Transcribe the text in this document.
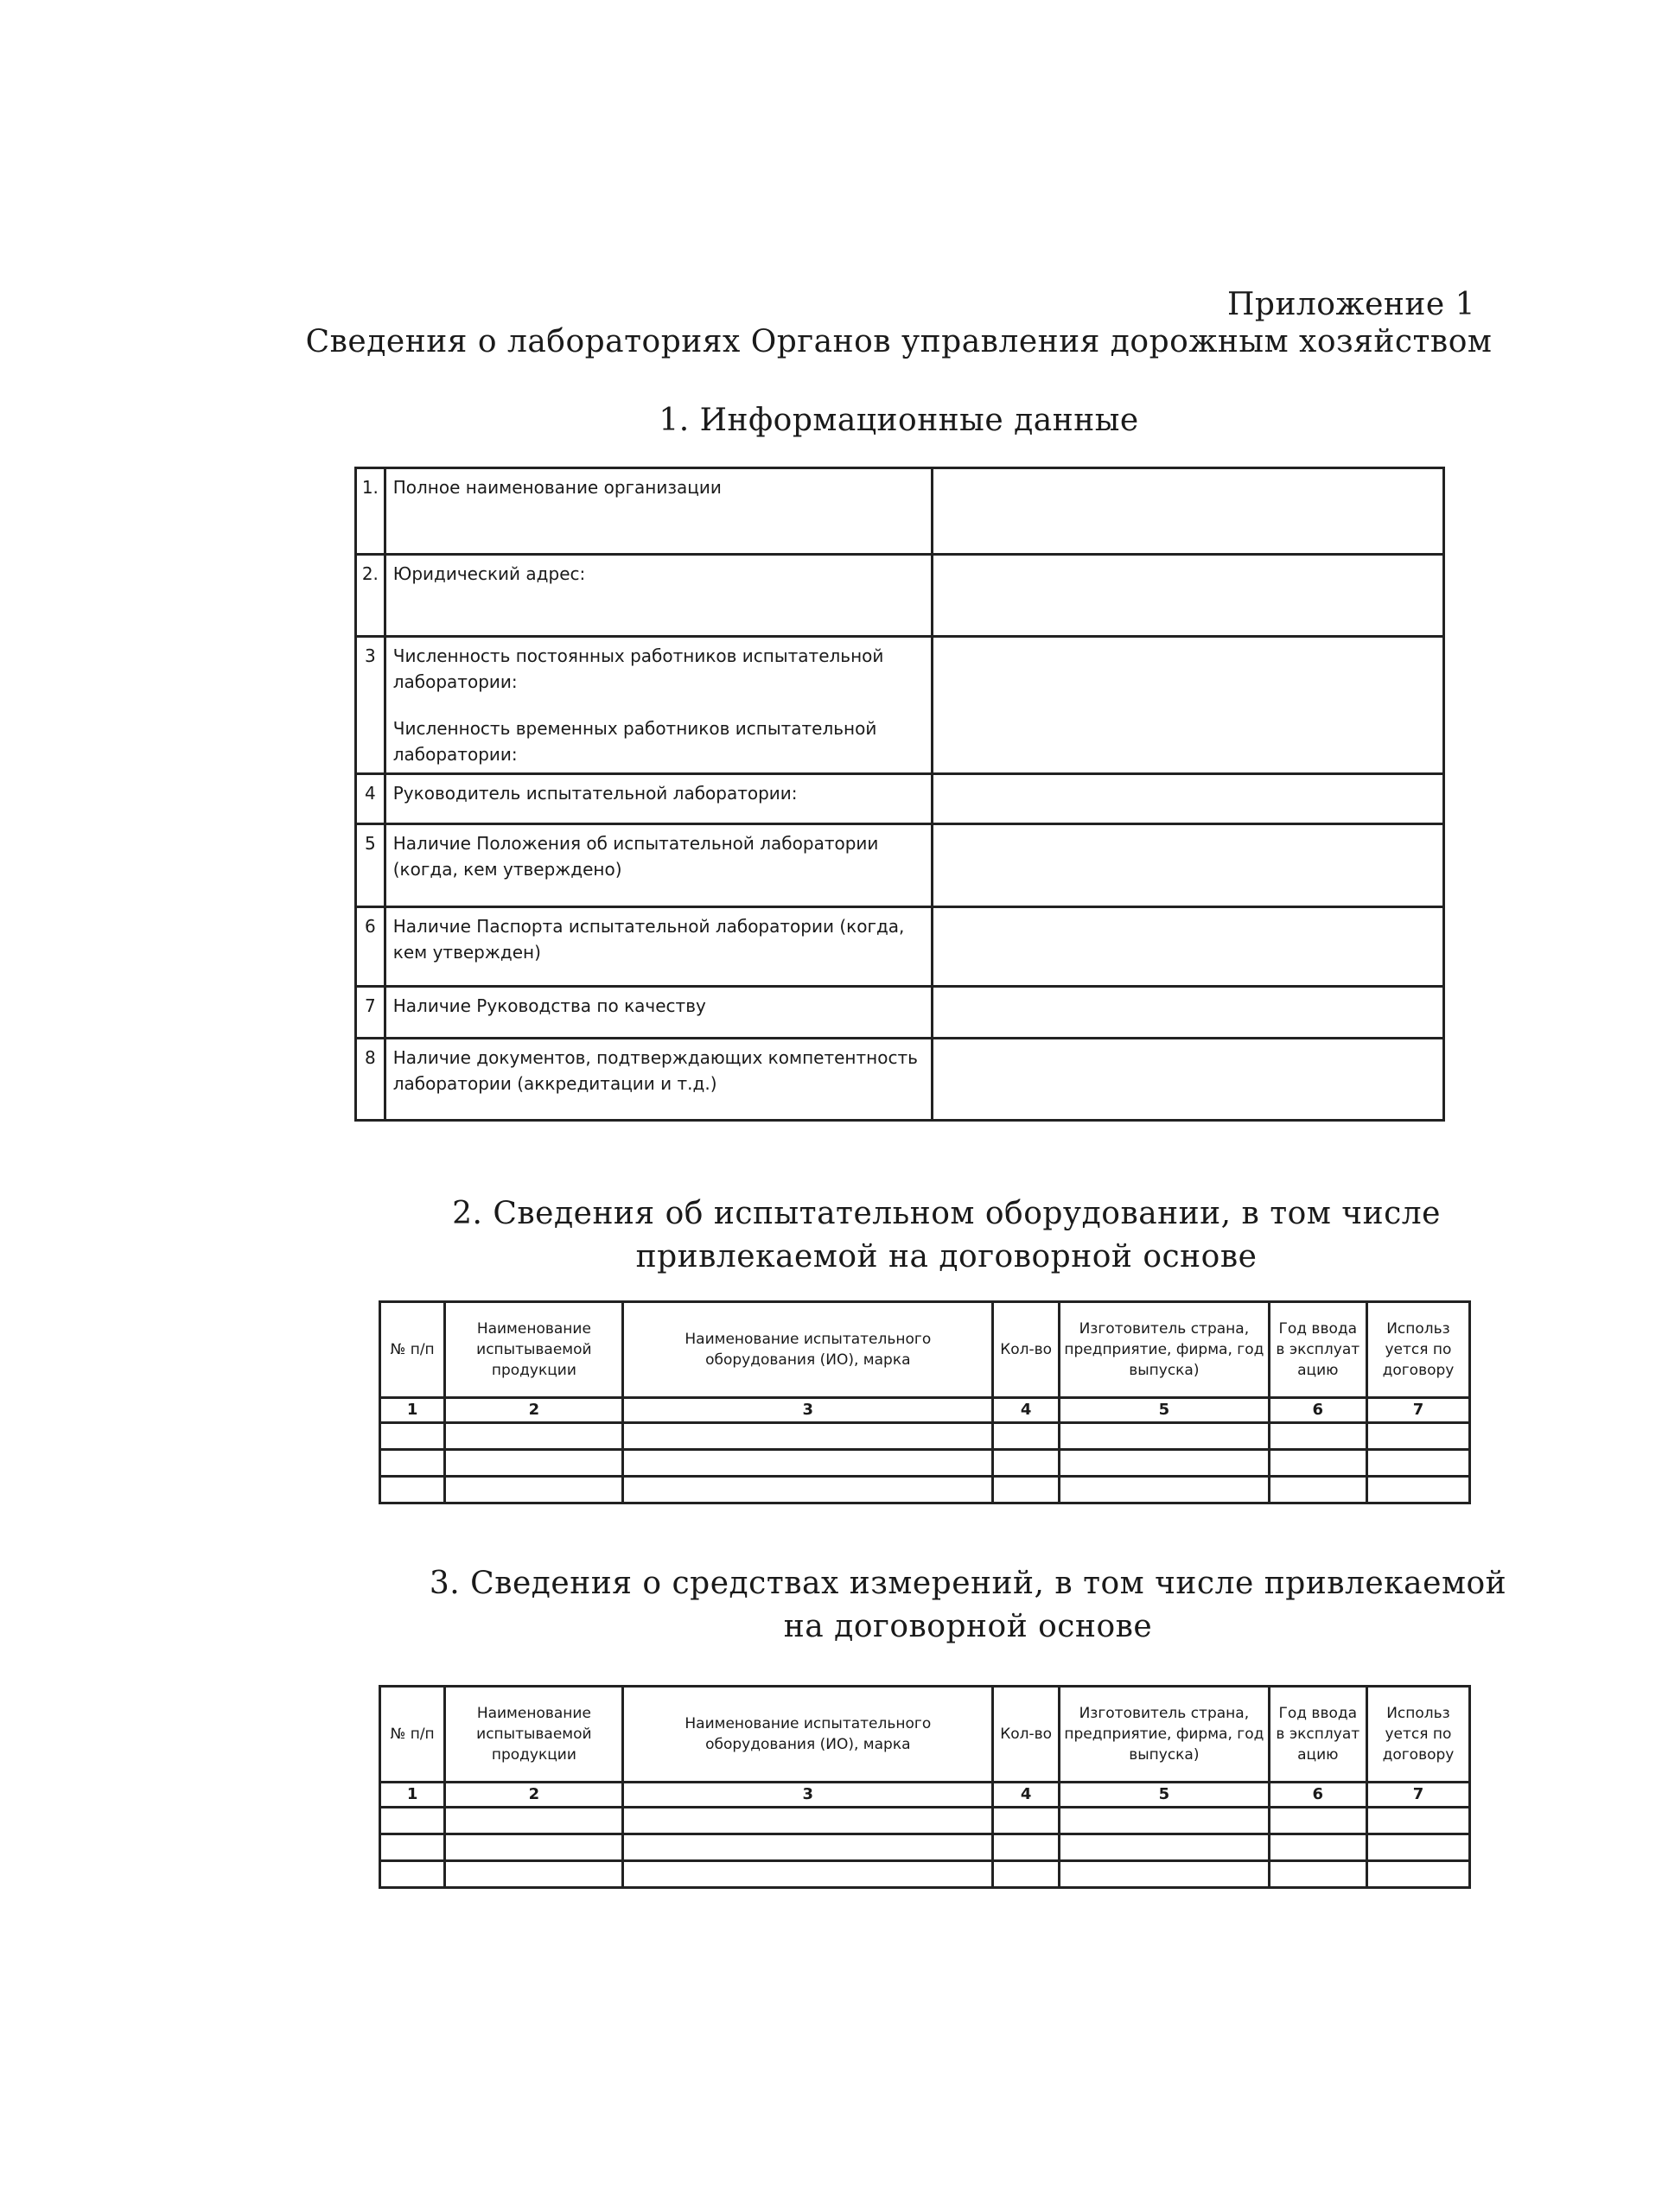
Приложение 1
Сведения о лабораториях Органов управления дорожным хозяйством
1. Информационные данные
1.	Полное наименование организации	
2.	Юридический адрес:	
3	Численность постоянных работников испытательной лаборатории:
Численность временных работников испытательной лаборатории:	

4	Руководитель испытательной лаборатории:	
5	Наличие Положения об испытательной лаборатории (когда, кем утверждено)	
6	Наличие Паспорта испытательной лаборатории (когда, кем утвержден)	
7	Наличие Руководства по качеству	
8	Наличие документов, подтверждающих компетентность лаборатории (аккредитации и т.д.)	
2. Сведения об испытательном оборудовании, в том числе
привлекаемой на договорной основе
№ п/п	Наименование испытываемой продукции	Наименование испытательного оборудования (ИО), марка	Кол-во	Изготовитель страна, предприятие, фирма, год выпуска)	Год ввода в эксплуат ацию	Использ уется по договору
1	2	3	4	5	6	7

3. Сведения о средствах измерений, в том числе привлекаемой
на договорной основе
№ п/п	Наименование испытываемой продукции	Наименование испытательного оборудования (ИО), марка	Кол-во	Изготовитель страна, предприятие, фирма, год выпуска)	Год ввода в эксплуат ацию	Использ уется по договору
1	2	3	4	5	6	7
